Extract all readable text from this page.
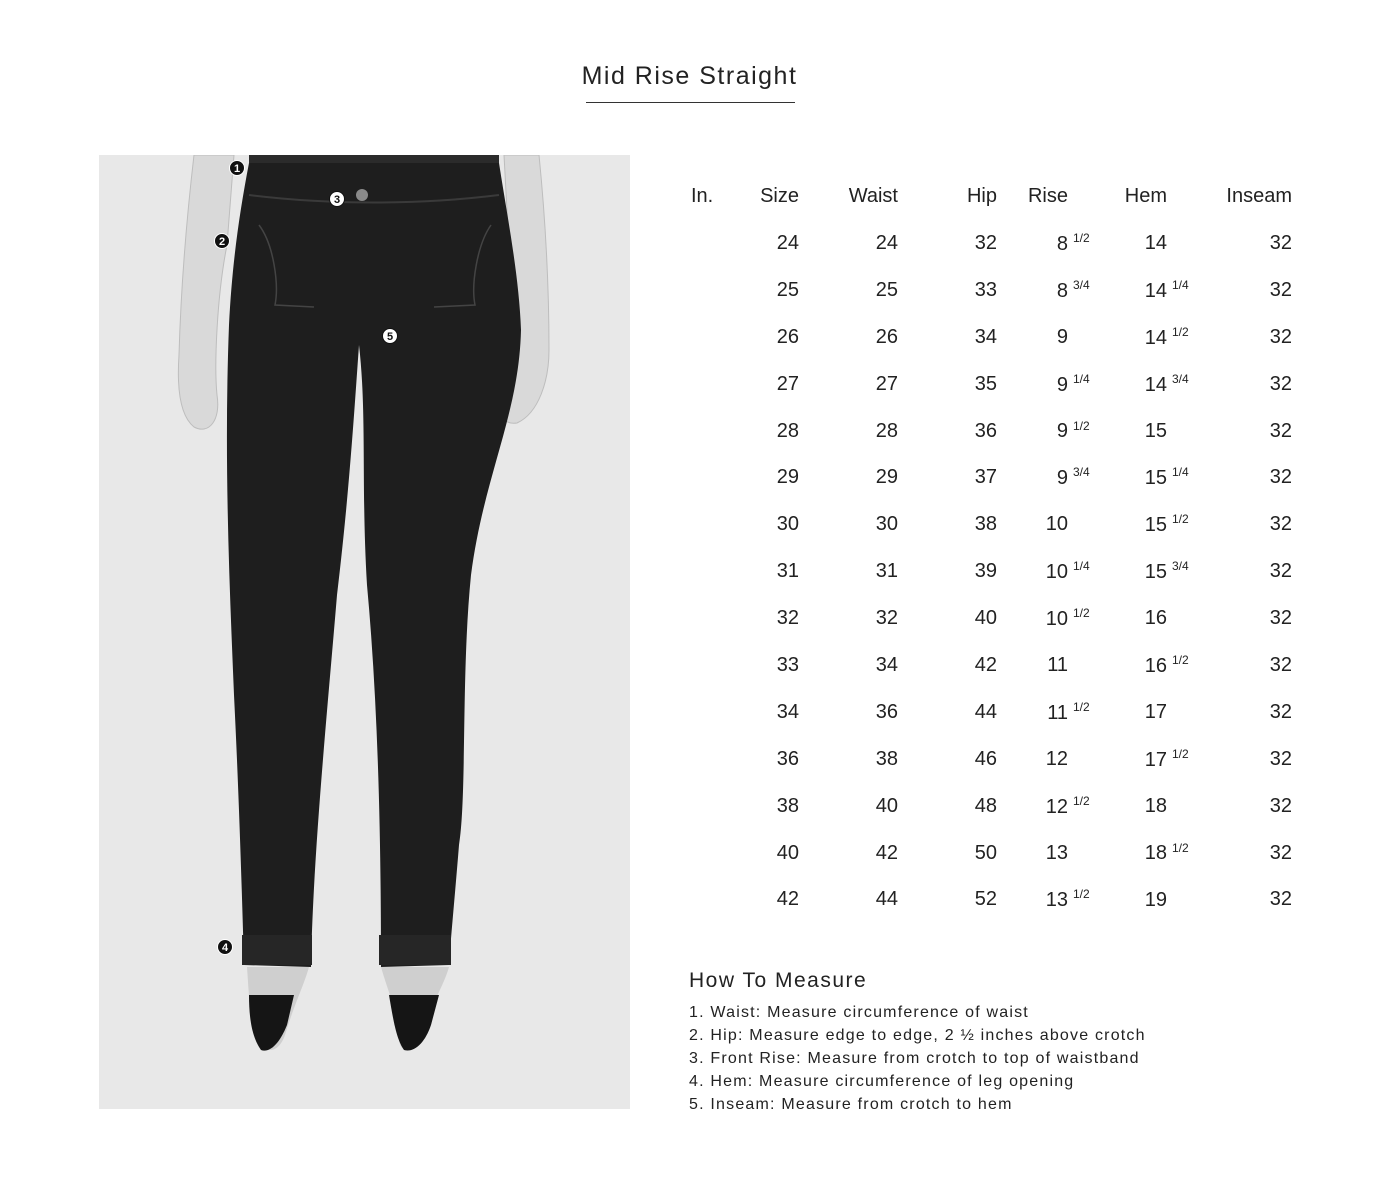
Mid Rise Straight
1
2
3
4
5
In.	Size	Waist	Hip	Rise	Hem	Inseam
	24	24	32	8 1/2	14	32
	25	25	33	8 3/4	14 1/4	32
	26	26	34	9	14 1/2	32
	27	27	35	9 1/4	14 3/4	32
	28	28	36	9 1/2	15	32
	29	29	37	9 3/4	15 1/4	32
	30	30	38	10	15 1/2	32
	31	31	39	10 1/4	15 3/4	32
	32	32	40	10 1/2	16	32
	33	34	42	11	16 1/2	32
	34	36	44	11 1/2	17	32
	36	38	46	12	17 1/2	32
	38	40	48	12 1/2	18	32
	40	42	50	13	18 1/2	32
	42	44	52	13 1/2	19	32
How To Measure
1. Waist: Measure circumference of waist
2. Hip: Measure edge to edge, 2 ½ inches above crotch
3. Front Rise: Measure from crotch to top of waistband
4. Hem: Measure circumference of leg opening
5. Inseam: Measure from crotch to hem
